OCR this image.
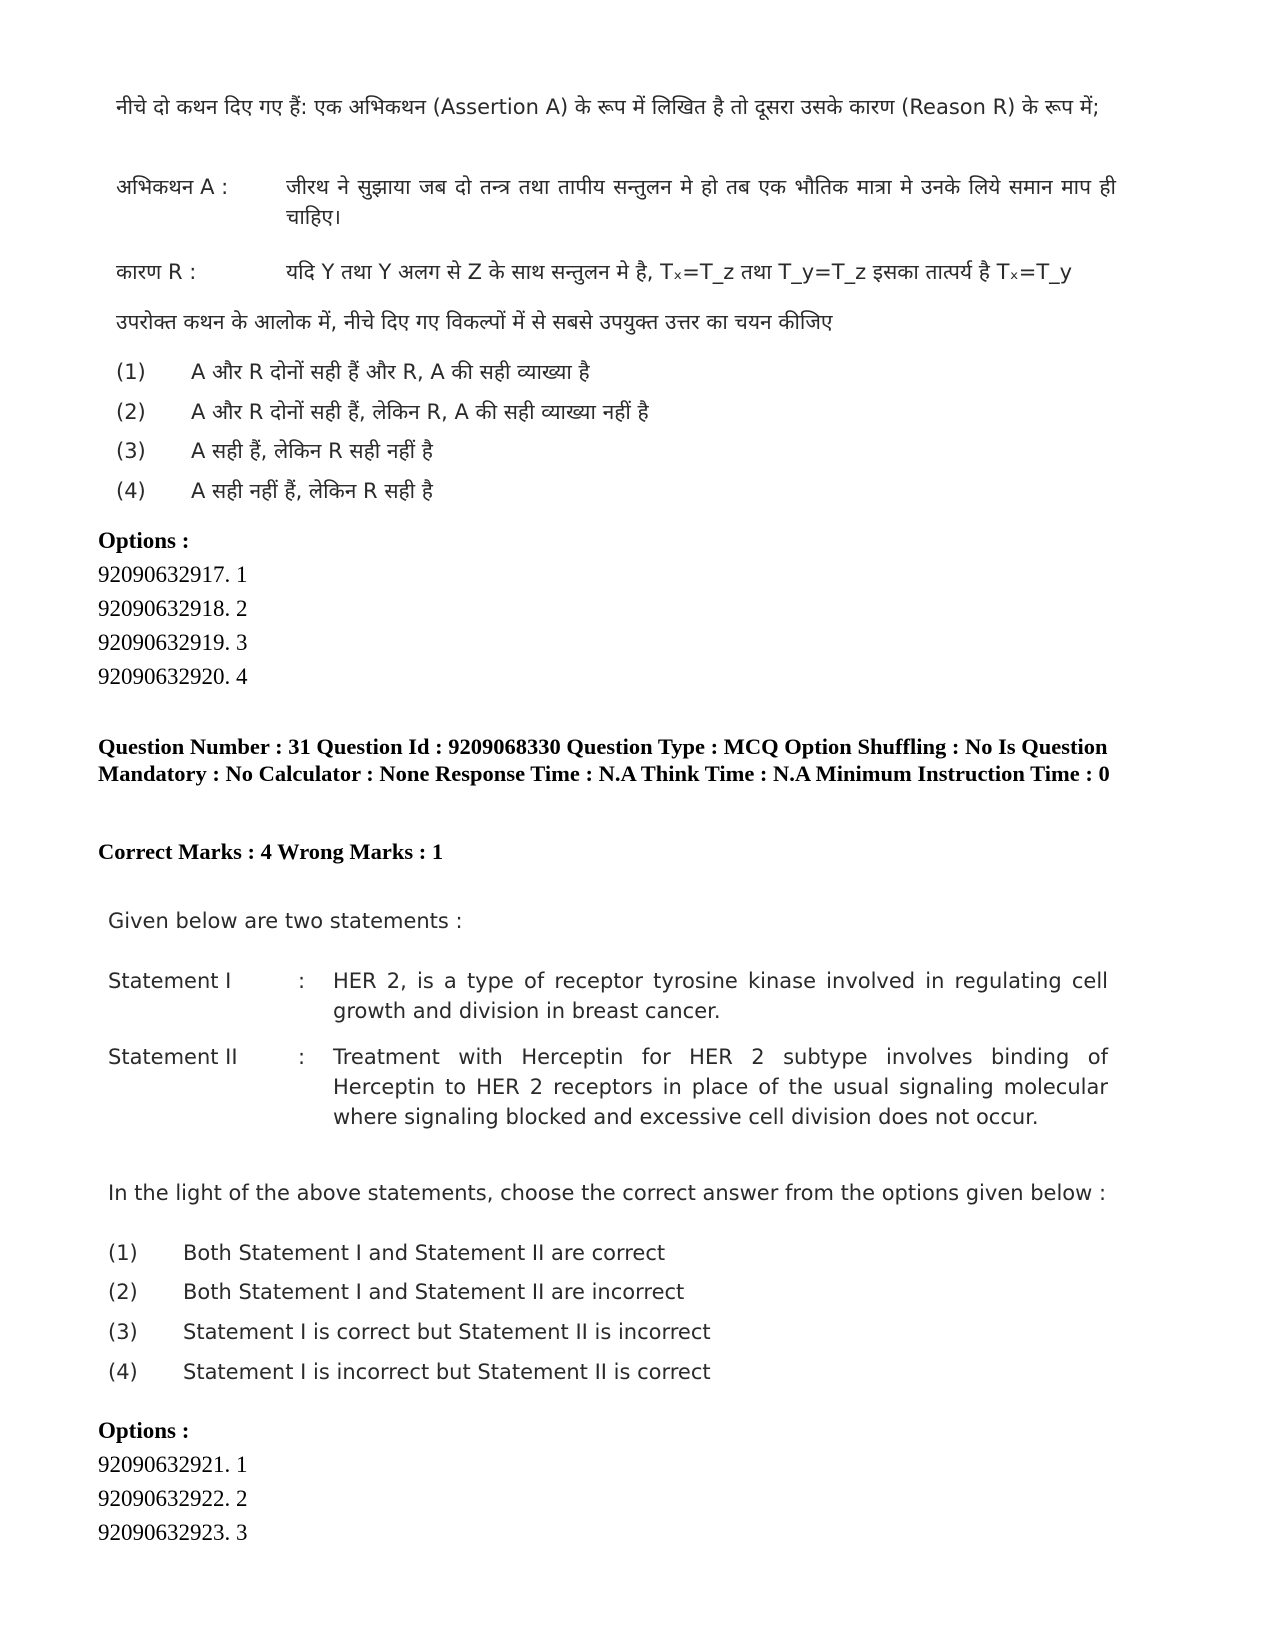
नीचे दो कथन दिए गए हैं: एक अभिकथन (Assertion A) के रूप में लिखित है तो दूसरा उसके कारण (Reason R) के रूप में;
अभिकथन A :	जीरथ ने सुझाया जब दो तन्त्र तथा तापीय सन्तुलन मे हो तब एक भौतिक मात्रा मे उनके लिये समान माप ही चाहिए।
कारण R :	यदि Y तथा Y अलग से Z के साथ सन्तुलन मे है, Tₓ=T_z तथा T_y=T_z इसका तात्पर्य है Tₓ=T_y
उपरोक्त कथन के आलोक में, नीचे दिए गए विकल्पों में से सबसे उपयुक्त उत्तर का चयन कीजिए
(1)	A और R दोनों सही हैं और R, A की सही व्याख्या है
(2)	A और R दोनों सही हैं, लेकिन R, A की सही व्याख्या नहीं है
(3)	A सही हैं, लेकिन R सही नहीं है
(4)	A सही नहीं हैं, लेकिन R सही है
Options :
92090632917. 1
92090632918. 2
92090632919. 3
92090632920. 4
Question Number : 31 Question Id : 9209068330 Question Type : MCQ Option Shuffling : No Is Question Mandatory : No Calculator : None Response Time : N.A Think Time : N.A Minimum Instruction Time : 0
Correct Marks : 4 Wrong Marks : 1
Given below are two statements :
Statement I	: HER 2, is a type of receptor tyrosine kinase involved in regulating cell growth and division in breast cancer.
Statement II	: Treatment with Herceptin for HER 2 subtype involves binding of Herceptin to HER 2 receptors in place of the usual signaling molecular where signaling blocked and excessive cell division does not occur.
In the light of the above statements, choose the correct answer from the options given below :
(1)	Both Statement I and Statement II are correct
(2)	Both Statement I and Statement II are incorrect
(3)	Statement I is correct but Statement II is incorrect
(4)	Statement I is incorrect but Statement II is correct
Options :
92090632921. 1
92090632922. 2
92090632923. 3
